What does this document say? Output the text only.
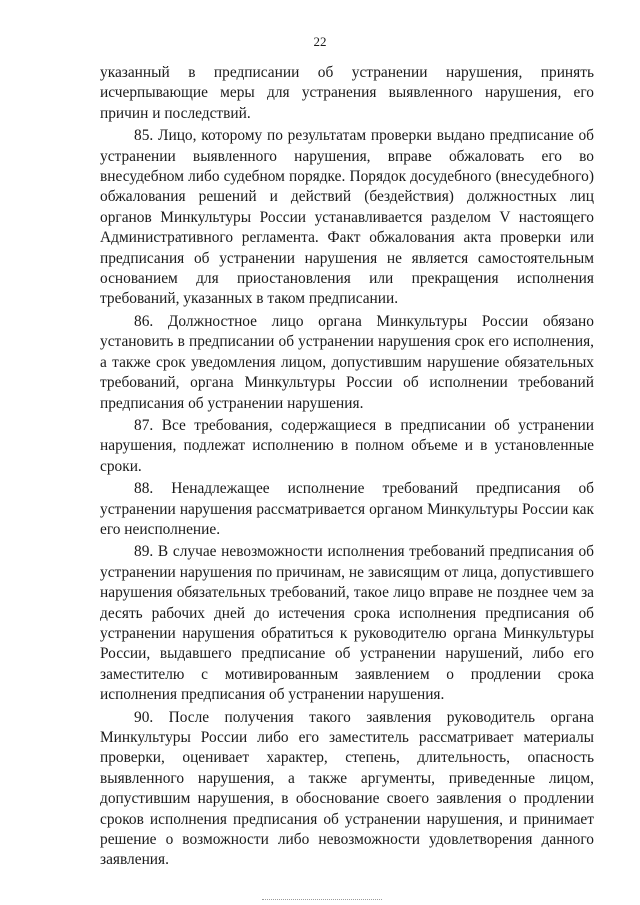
22

указанный в предписании об устранении нарушения, принять исчерпывающие меры для устранения выявленного нарушения, его причин и последствий.

85. Лицо, которому по результатам проверки выдано предписание об устранении выявленного нарушения, вправе обжаловать его во внесудебном либо судебном порядке. Порядок досудебного (внесудебного) обжалования решений и действий (бездействия) должностных лиц органов Минкультуры России устанавливается разделом V настоящего Административного регламента. Факт обжалования акта проверки или предписания об устранении нарушения не является самостоятельным основанием для приостановления или прекращения исполнения требований, указанных в таком предписании.

86. Должностное лицо органа Минкультуры России обязано установить в предписании об устранении нарушения срок его исполнения, а также срок уведомления лицом, допустившим нарушение обязательных требований, органа Минкультуры России об исполнении требований предписания об устранении нарушения.

87. Все требования, содержащиеся в предписании об устранении нарушения, подлежат исполнению в полном объеме и в установленные сроки.

88. Ненадлежащее исполнение требований предписания об устранении нарушения рассматривается органом Минкультуры России как его неисполнение.

89. В случае невозможности исполнения требований предписания об устранении нарушения по причинам, не зависящим от лица, допустившего нарушения обязательных требований, такое лицо вправе не позднее чем за десять рабочих дней до истечения срока исполнения предписания об устранении нарушения обратиться к руководителю органа Минкультуры России, выдавшего предписание об устранении нарушений, либо его заместителю с мотивированным заявлением о продлении срока исполнения предписания об устранении нарушения.

90. После получения такого заявления руководитель органа Минкультуры России либо его заместитель рассматривает материалы проверки, оценивает характер, степень, длительность, опасность выявленного нарушения, а также аргументы, приведенные лицом, допустившим нарушения, в обоснование своего заявления о продлении сроков исполнения предписания об устранении нарушения, и принимает решение о возможности либо невозможности удовлетворения данного заявления.
